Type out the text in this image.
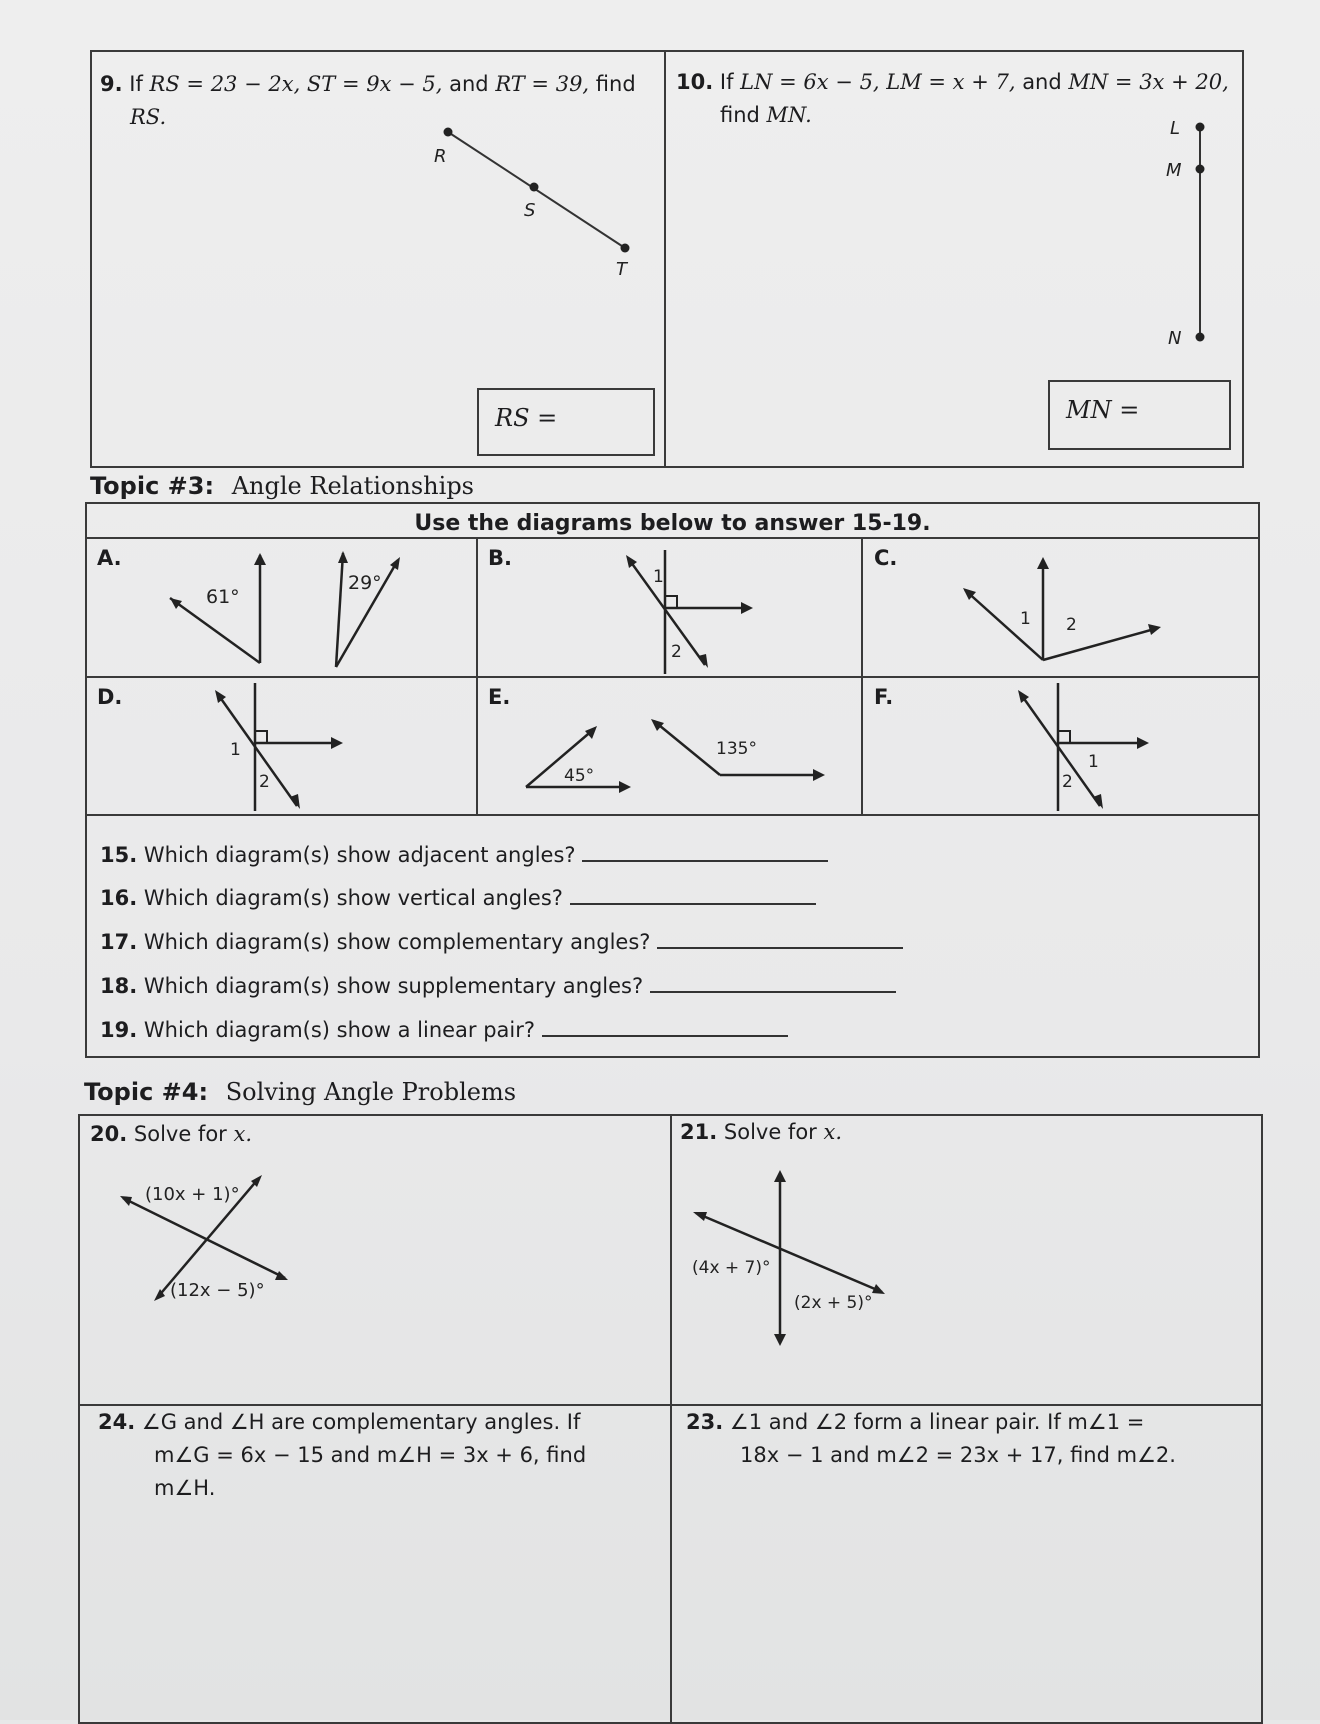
9. If RS = 23 − 2x, ST = 9x − 5, and RT = 39, find
RS.
R
S
T
RS =
10. If LN = 6x − 5, LM = x + 7, and MN = 3x + 20,
find MN.
L
M
N
MN =
Topic #3: Angle Relationships
Use the diagrams below to answer 15-19.
A.
61°
29°
B.
1
2
C.
1 2
D.
1
2
E.
45°
135°
F.
1
2
15. Which diagram(s) show adjacent angles?
16. Which diagram(s) show vertical angles?
17. Which diagram(s) show complementary angles?
18. Which diagram(s) show supplementary angles?
19. Which diagram(s) show a linear pair?
Topic #4: Solving Angle Problems
20. Solve for x.
(10x + 1)°
(12x − 5)°
21. Solve for x.
(4x + 7)°
(2x + 5)°
24. ∠G and ∠H are complementary angles. If
m∠G = 6x − 15 and m∠H = 3x + 6, find
m∠H.
23. ∠1 and ∠2 form a linear pair. If m∠1 =
18x − 1 and m∠2 = 23x + 17, find m∠2.
